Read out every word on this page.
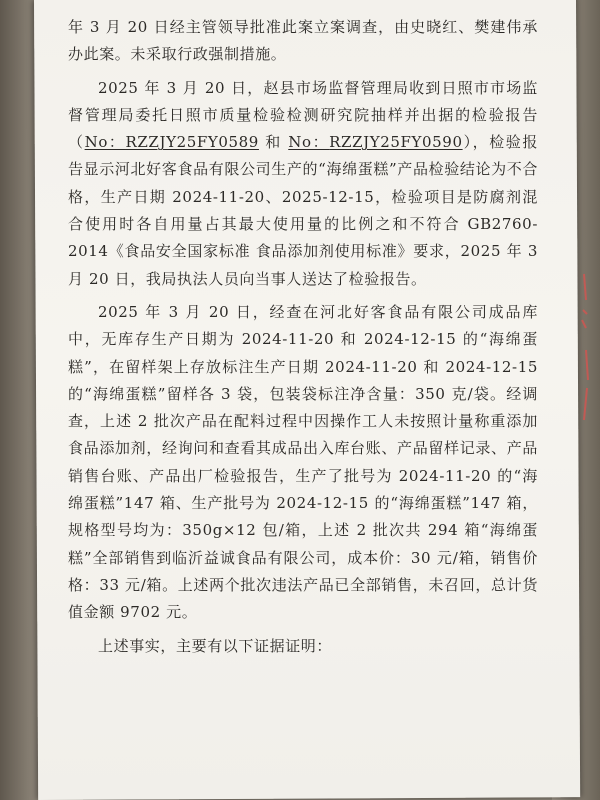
年 3 月 20 日经主管领导批准此案立案调查，由史晓红、樊建伟承办此案。未采取行政强制措施。

2025 年 3 月 20 日，赵县市场监督管理局收到日照市市场监督管理局委托日照市质量检验检测研究院抽样并出据的检验报告（No：RZZJY25FY0589 和 No：RZZJY25FY0590），检验报告显示河北好客食品有限公司生产的“海绵蛋糕”产品检验结论为不合格，生产日期 2024-11-20、2025-12-15，检验项目是防腐剂混合使用时各自用量占其最大使用量的比例之和不符合 GB2760-2014《食品安全国家标准 食品添加剂使用标准》要求，2025 年 3 月 20 日，我局执法人员向当事人送达了检验报告。

2025 年 3 月 20 日，经查在河北好客食品有限公司成品库中，无库存生产日期为 2024-11-20 和 2024-12-15 的“海绵蛋糕”，在留样架上存放标注生产日期 2024-11-20 和 2024-12-15 的“海绵蛋糕”留样各 3 袋，包装袋标注净含量：350 克/袋。经调查，上述 2 批次产品在配料过程中因操作工人未按照计量称重添加食品添加剂，经询问和查看其成品出入库台账、产品留样记录、产品销售台账、产品出厂检验报告，生产了批号为 2024-11-20 的“海绵蛋糕”147 箱、生产批号为 2024-12-15 的“海绵蛋糕”147 箱，规格型号均为：350g×12 包/箱，上述 2 批次共 294 箱“海绵蛋糕”全部销售到临沂益诚食品有限公司，成本价：30 元/箱，销售价格：33 元/箱。上述两个批次违法产品已全部销售，未召回，总计货值金额 9702 元。

上述事实，主要有以下证据证明：
